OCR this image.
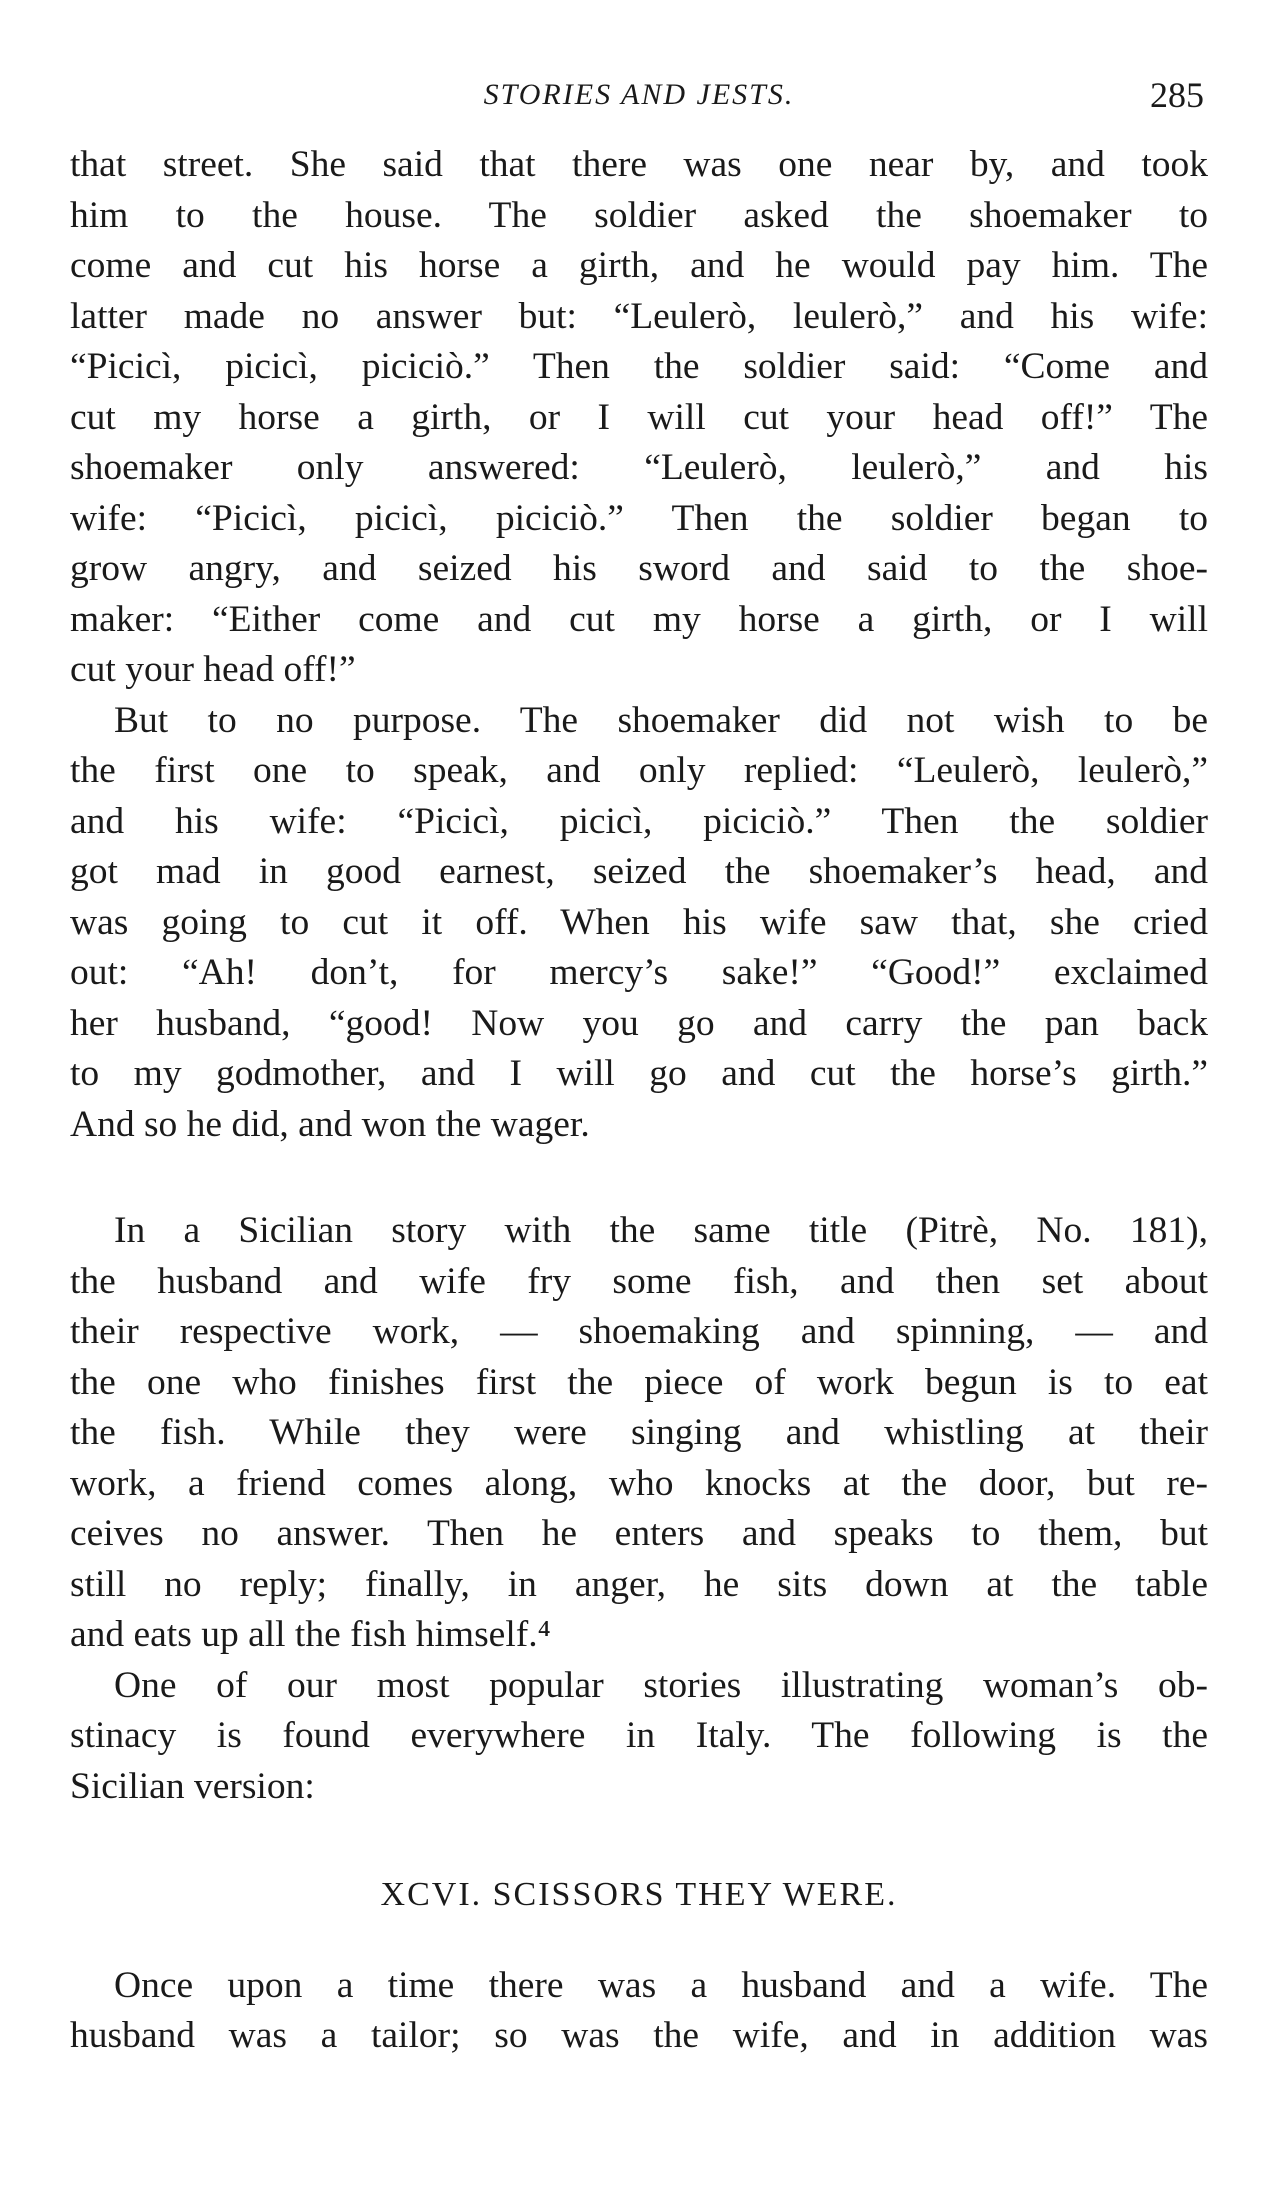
STORIES AND JESTS.	285

that street. She said that there was one near by, and took
him to the house. The soldier asked the shoemaker to
come and cut his horse a girth, and he would pay him. The
latter made no answer but: “Leulerò, leulerò,” and his wife:
“Picicì, picicì, piciciò.” Then the soldier said: “Come and
cut my horse a girth, or I will cut your head off!” The
shoemaker only answered: “Leulerò, leulerò,” and his
wife: “Picicì, picicì, piciciò.” Then the soldier began to
grow angry, and seized his sword and said to the shoe-
maker: “Either come and cut my horse a girth, or I will
cut your head off!”

But to no purpose. The shoemaker did not wish to be
the first one to speak, and only replied: “Leulerò, leulerò,”
and his wife: “Picicì, picicì, piciciò.” Then the soldier
got mad in good earnest, seized the shoemaker’s head, and
was going to cut it off. When his wife saw that, she cried
out: “Ah! don’t, for mercy’s sake!” “Good!” exclaimed
her husband, “good! Now you go and carry the pan back
to my godmother, and I will go and cut the horse’s girth.”
And so he did, and won the wager.

In a Sicilian story with the same title (Pitrè, No. 181),
the husband and wife fry some fish, and then set about
their respective work, — shoemaking and spinning, — and
the one who finishes first the piece of work begun is to eat
the fish. While they were singing and whistling at their
work, a friend comes along, who knocks at the door, but re-
ceives no answer. Then he enters and speaks to them, but
still no reply; finally, in anger, he sits down at the table
and eats up all the fish himself.⁴

One of our most popular stories illustrating woman’s ob-
stinacy is found everywhere in Italy. The following is the
Sicilian version:

XCVI. SCISSORS THEY WERE.

Once upon a time there was a husband and a wife. The
husband was a tailor; so was the wife, and in addition was
